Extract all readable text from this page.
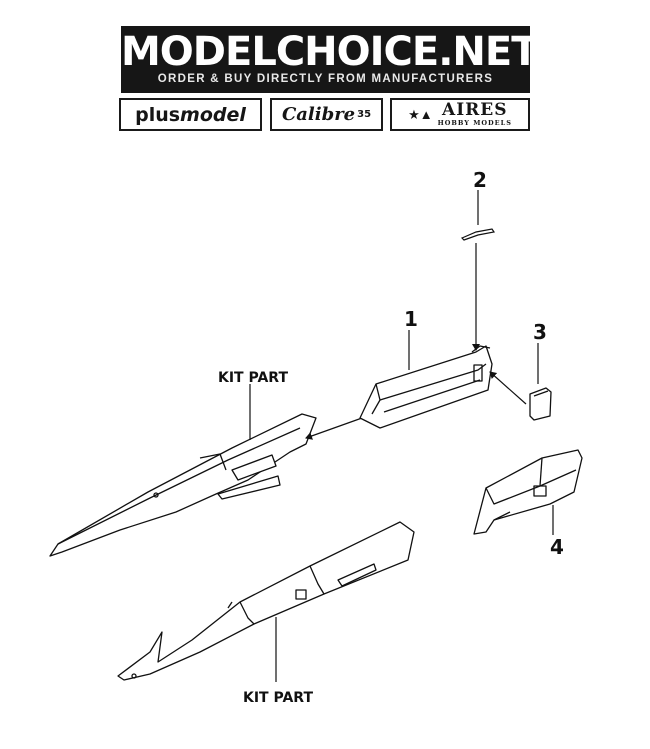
MODELCHOICE.NET
ORDER & BUY DIRECTLY FROM MANUFACTURERS
plus model Calibre 35	★▲ AIRES
HOBBY MODELS
2
1
3
4
KIT PART
KIT PART
